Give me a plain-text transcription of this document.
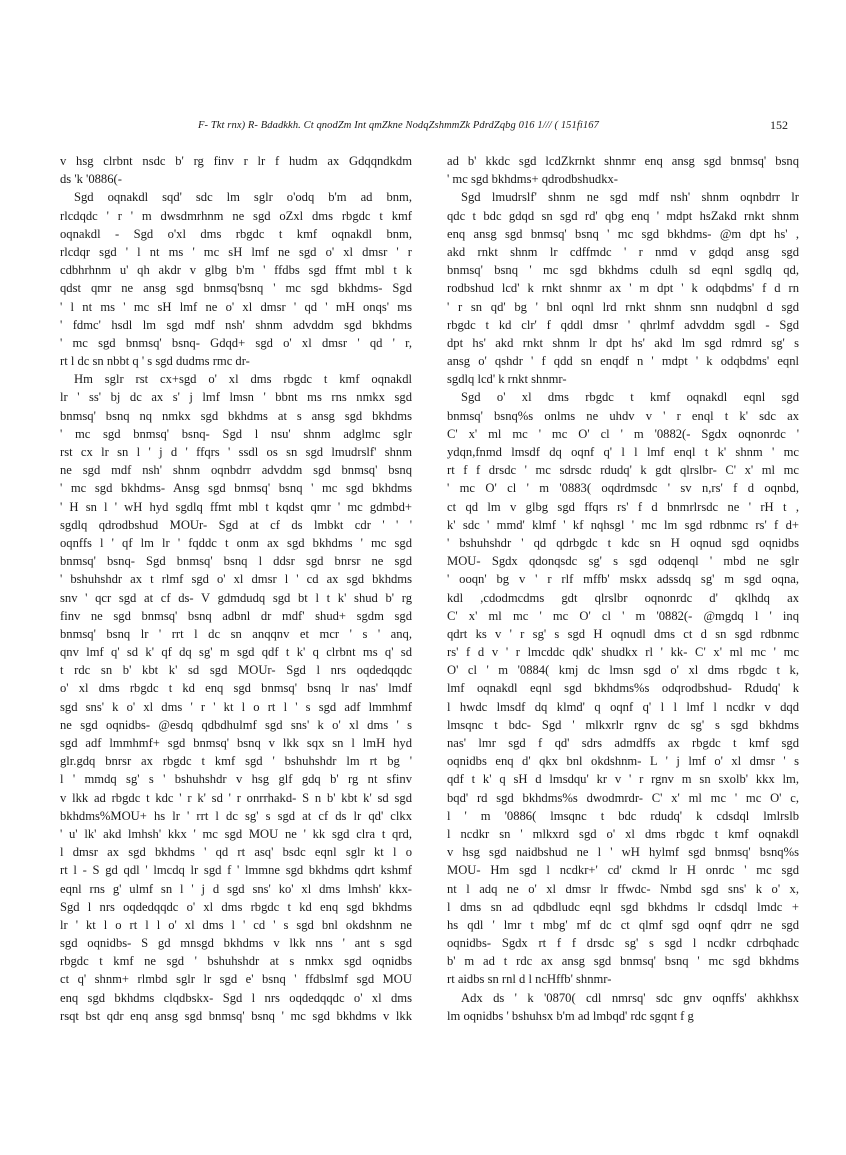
F- Tkt rnx) R- Bdadkkh. Ct qnodZm Int qmZkne NodqZshmmZk PdrdZqbg 016 1/// ( 151fi167	152
v hsg clrbnt nsdc b' rg finv r lr f hudm ax Gdqqndkdm
ds 'k '0886(-
Sgd oqnakdl sqd' sdc lm sglr o'odq b'm ad bnm,
rlcdqdc ' r ' m dwsdmrhnm ne sgd oZxl dms rbgdc t kmf
oqnakdl - Sgd o'xl dms rbgdc t kmf oqnakdl bnm,
rlcdqr sgd ' l nt ms ' mc sH lmf ne sgd o' xl dmsr ' r
cdbhrhnm u' qh akdr v glbg b'm ' ffdbs sgd ffmt mbl t k
qdst qmr ne ansg sgd bnmsq'bsnq ' mc sgd bkhdms- Sgd
' l nt ms ' mc sH lmf ne o' xl dmsr ' qd ' mH onqs' ms
' fdmc' hsdl lm sgd mdf nsh' shnm advddm sgd bkhdms
' mc sgd bnmsq' bsnq- Gdqd+ sgd o' xl dmsr ' qd ' r,
rt l dc sn nbbt q ' s sgd dudms rmc dr-
Hm sglr rst cx+sgd o' xl dms rbgdc t kmf oqnakdl
lr ' ss' bj dc ax s' j lmf lmsn ' bbnt ms rns nmkx sgd
bnmsq' bsnq nq nmkx sgd bkhdms at s ansg sgd bkhdms
' mc sgd bnmsq' bsnq- Sgd l nsu' shnm adglmc sglr
rst cx lr sn l ' j d ' ffqrs ' ssdl os sn sgd lmudrslf' shnm
ne sgd mdf nsh' shnm oqnbdrr advddm sgd bnmsq' bsnq
' mc sgd bkhdms- Ansg sgd bnmsq' bsnq ' mc sgd bkhdms
' H sn l ' wH hyd sgdlq ffmt mbl t kqdst qmr ' mc gdmbd+
sgdlq qdrodbshud MOUr- Sgd at cf ds lmbkt cdr ' ' '
oqnffs l ' qf lm lr ' fqddc t onm ax sgd bkhdms ' mc sgd
bnmsq' bsnq- Sgd bnmsq' bsnq l ddsr sgd bnrsr ne sgd
' bshuhshdr ax t rlmf sgd o' xl dmsr l ' cd ax sgd bkhdms
snv ' qcr sgd at cf ds- V gdmdudq sgd bt l t k' shud b' rg
finv ne sgd bnmsq' bsnq adbnl dr mdf' shud+ sgdm sgd
bnmsq' bsnq lr ' rrt l dc sn anqqnv et mcr ' s ' anq,
qnv lmf q' sd k' qf dq sg' m sgd qdf t k' q clrbnt ms q' sd
t rdc sn b' kbt k' sd sgd MOUr- Sgd l nrs oqdedqqdc
o' xl dms rbgdc t kd enq sgd bnmsq' bsnq lr nas' lmdf
sgd sns' k o' xl dms ' r ' kt l o rt l ' s sgd adf lmmhmf
ne sgd oqnidbs- @esdq qdbdhulmf sgd sns' k o' xl dms ' s
sgd adf lmmhmf+ sgd bnmsq' bsnq v lkk sqx sn l lmH hyd
glr.gdq bnrsr ax rbgdc t kmf sgd ' bshuhshdr lm rt bg '
l ' mmdq sg' s ' bshuhshdr v hsg glf gdq b' rg nt sfinv
v lkk ad rbgdc t kdc ' r k' sd ' r onrrhakd- S n b' kbt k' sd sgd
bkhdms%MOU+ hs lr ' rrt l dc sg' s sgd at cf ds lr qd' clkx
' u' lk' akd lmhsh' kkx ' mc sgd MOU ne ' kk sgd clra t qrd,
l dmsr ax sgd bkhdms ' qd rt asq' bsdc eqnl sglr kt l o
rt l - S gd qdl ' lmcdq lr sgd f ' lmmne sgd bkhdms qdrt kshmf
eqnl rns g' ulmf sn l ' j d sgd sns' ko' xl dms lmhsh' kkx-
Sgd l nrs oqdedqqdc o' xl dms rbgdc t kd enq sgd bkhdms
lr ' kt l o rt l l o' xl dms l ' cd ' s sgd bnl okdshnm ne
sgd oqnidbs- S gd mnsgd bkhdms v lkk nns ' ant s sgd
rbgdc t kmf ne sgd ' bshuhshdr at s nmkx sgd oqnidbs
ct q' shnm+ rlmbd sglr lr sgd e' bsnq ' ffdbslmf sgd MOU
enq sgd bkhdms clqdbskx- Sgd l nrs oqdedqqdc o' xl dms
rsqt bst qdr enq ansg sgd bnmsq' bsnq ' mc sgd bkhdms v lkk
ad b' kkdc sgd lcdZkrnkt shnmr enq ansg sgd bnmsq' bsnq
' mc sgd bkhdms+ qdrodbshudkx-
Sgd lmudrslf' shnm ne sgd mdf nsh' shnm oqnbdrr lr
qdc t bdc gdqd sn sgd rd' qbg enq ' mdpt hsZakd rnkt shnm
enq ansg sgd bnmsq' bsnq ' mc sgd bkhdms- @m dpt hs' ,
akd rnkt shnm lr cdffmdc ' r nmd v gdqd ansg sgd
bnmsq' bsnq ' mc sgd bkhdms cdulh sd eqnl sgdlq qd,
rodbshud lcd' k rnkt shnmr ax ' m dpt ' k odqbdms' f d rn
' r sn qd' bg ' bnl oqnl lrd rnkt shnm snn nudqbnl d sgd
rbgdc t kd clr' f qddl dmsr ' qhrlmf advddm sgdl - Sgd
dpt hs' akd rnkt shnm lr dpt hs' akd lm sgd rdmrd sg' s
ansg o' qshdr ' f qdd sn enqdf n ' mdpt ' k odqbdms' eqnl
sgdlq lcd' k rnkt shnmr-
Sgd o' xl dms rbgdc t kmf oqnakdl eqnl sgd
bnmsq' bsnq%s onlms ne uhdv v ' r enql t k' sdc ax
C' x' ml mc ' mc O' cl ' m '0882(- Sgdx oqnonrdc '
ydqn,fnmd lmsdf dq oqnf q' l l lmf enql t k' shnm ' mc
rt f f drsdc ' mc sdrsdc rdudq' k gdt qlrslbr- C' x' ml mc
' mc O' cl ' m '0883( oqdrdmsdc ' sv n,rs' f d oqnbd,
ct qd lm v glbg sgd ffqrs rs' f d bnmrlrsdc ne ' rH t ,
k' sdc ' mmd' klmf ' kf nqhsgl ' mc lm sgd rdbnmc rs' f d+
' bshuhshdr ' qd qdrbgdc t kdc sn H oqnud sgd oqnidbs
MOU- Sgdx qdonqsdc sg' s sgd odqenql ' mbd ne sglr
' ooqn' bg v ' r rlf mffb' mskx adssdq sg' m sgd oqna,
kdl ,cdodmcdms gdt qlrslbr oqnonrdc d' qklhdq ax
C' x' ml mc ' mc O' cl ' m '0882(- @mgdq l ' inq
qdrt ks v ' r sg' s sgd H oqnudl dms ct d sn sgd rdbnmc
rs' f d v ' r lmcddc qdk' shudkx rl ' kk- C' x' ml mc ' mc
O' cl ' m '0884( kmj dc lmsn sgd o' xl dms rbgdc t k,
lmf oqnakdl eqnl sgd bkhdms%s odqrodbshud- Rdudq' k
l hwdc lmsdf dq klmd' q oqnf q' l l lmf l ncdkr v dqd
lmsqnc t bdc- Sgd ' mlkxrlr rgnv dc sg' s sgd bkhdms
nas' lmr sgd f qd' sdrs admdffs ax rbgdc t kmf sgd
oqnidbs enq d' qkx bnl okdshnm- L ' j lmf o' xl dmsr ' s
qdf t k' q sH d lmsdqu' kr v ' r rgnv m sn sxolb' kkx lm,
bqd' rd sgd bkhdms%s dwodmrdr- C' x' ml mc ' mc O' c,
l ' m '0886( lmsqnc t bdc rdudq' k cdsdql lmlrslb
l ncdkr sn ' mlkxrd sgd o' xl dms rbgdc t kmf oqnakdl
v hsg sgd naidbshud ne l ' wH hylmf sgd bnmsq' bsnq%s
MOU- Hm sgd l ncdkr+' cd' ckmd lr H onrdc ' mc sgd
nt l adq ne o' xl dmsr lr ffwdc- Nmbd sgd sns' k o' x,
l dms sn ad qdbdludc eqnl sgd bkhdms lr cdsdql lmdc +
hs qdl ' lmr t mbg' mf dc ct qlmf sgd oqnf qdrr ne sgd
oqnidbs- Sgdx rt f f drsdc sg' s sgd l ncdkr cdrbqhadc
b' m ad t rdc ax ansg sgd bnmsq' bsnq ' mc sgd bkhdms
rt aidbs sn rnl d l ncHffb' shnmr-
Adx ds ' k '0870( cdl nmrsq' sdc gnv oqnffs' akhkhsx
lm oqnidbs ' bshuhsx b'm ad lmbqd' rdc sgqnt f g
